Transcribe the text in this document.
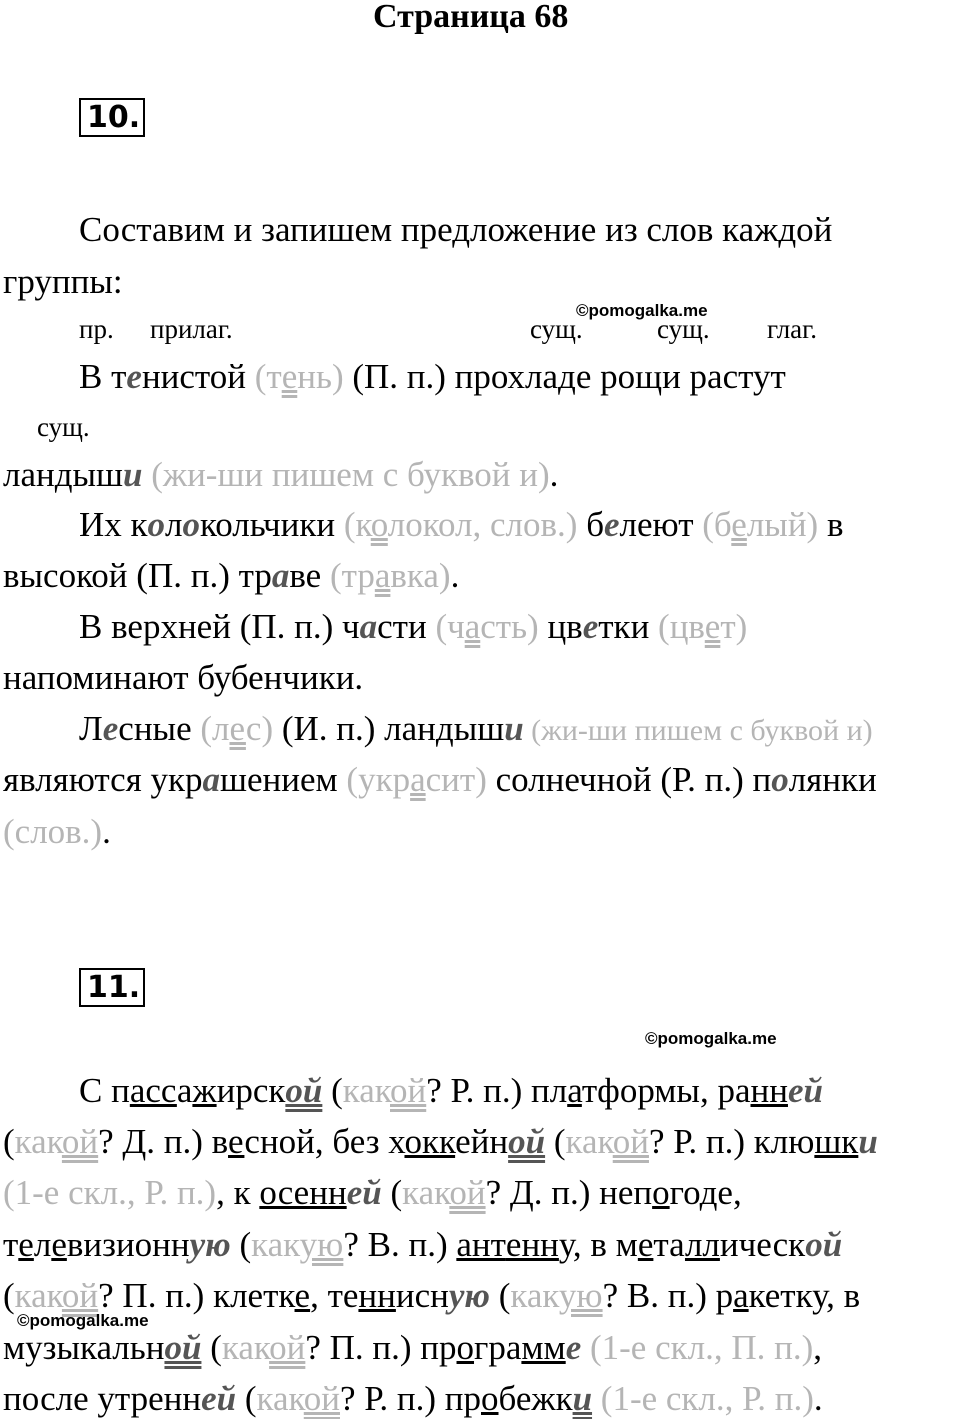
Страница 68
10.
Составим и запишем предложение из слов каждой
группы:
©pomogalka.me
пр. прилаг.	сущ.	сущ. глаг.
В тенистой (тень) (П. п.) прохладе рощи растут
сущ.
ландыши (жи-ши пишем с буквой и).
Их колокольчики (колокол, слов.) белеют (белый) в
высокой (П. п.) траве (травка).
В верхней (П. п.) части (часть) цветки (цвет)
напоминают бубенчики.
Лесные (лес) (И. п.) ландыши (жи-ши пишем с буквой и)
являются украшением (украсит) солнечной (Р. п.) полянки
(слов.).
11.
©pomogalka.me
С пассажирской (какой? Р. п.) платформы, ранней
(какой? Д. п.) весной, без хоккейной (какой? Р. п.) клюшки
(1-е скл., Р. п.), к осенней (какой? Д. п.) непогоде,
телевизионную (какую? В. п.) антенну, в металлической
(какой? П. п.) клетке, теннисную (какую? В. п.) ракетку, в
©pomogalka.me
музыкальной (какой? П. п.) программе (1-е скл., П. п.),
после утренней (какой? Р. п.) пробежки (1-е скл., Р. п.).
